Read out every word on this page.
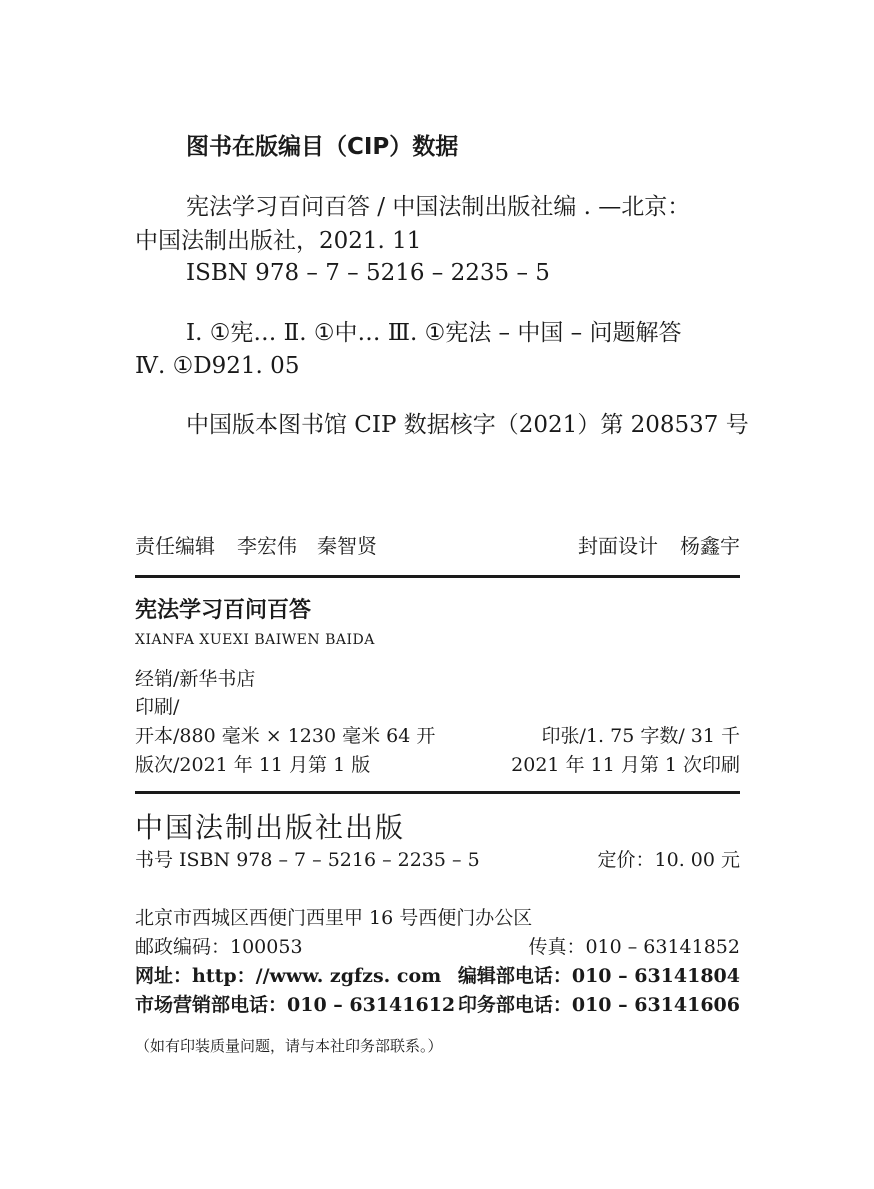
图书在版编目（CIP）数据
宪法学习百问百答 / 中国法制出版社编 . —北京：
中国法制出版社，2021. 11
ISBN 978 – 7 – 5216 – 2235 – 5
Ⅰ. ①宪… Ⅱ. ①中… Ⅲ. ①宪法 – 中国 – 问题解答
Ⅳ. ①D921. 05
中国版本图书馆 CIP 数据核字（2021）第 208537 号
责任编辑 李宏伟　秦智贤	封面设计 杨鑫宇
宪法学习百问百答
XIANFA XUEXI BAIWEN BAIDA
经销/新华书店
印刷/
开本/880 毫米 × 1230 毫米 64 开	印张/1. 75 字数/ 31 千
版次/2021 年 11 月第 1 版	2021 年 11 月第 1 次印刷
中国法制出版社出版
书号 ISBN 978 – 7 – 5216 – 2235 – 5	定价：10. 00 元
北京市西城区西便门西里甲 16 号西便门办公区
邮政编码：100053	传真：010 – 63141852
网址：http：//www. zgfzs. com 编辑部电话：010 – 63141804
市场营销部电话：010 – 63141612 印务部电话：010 – 63141606
（如有印装质量问题，请与本社印务部联系。）
